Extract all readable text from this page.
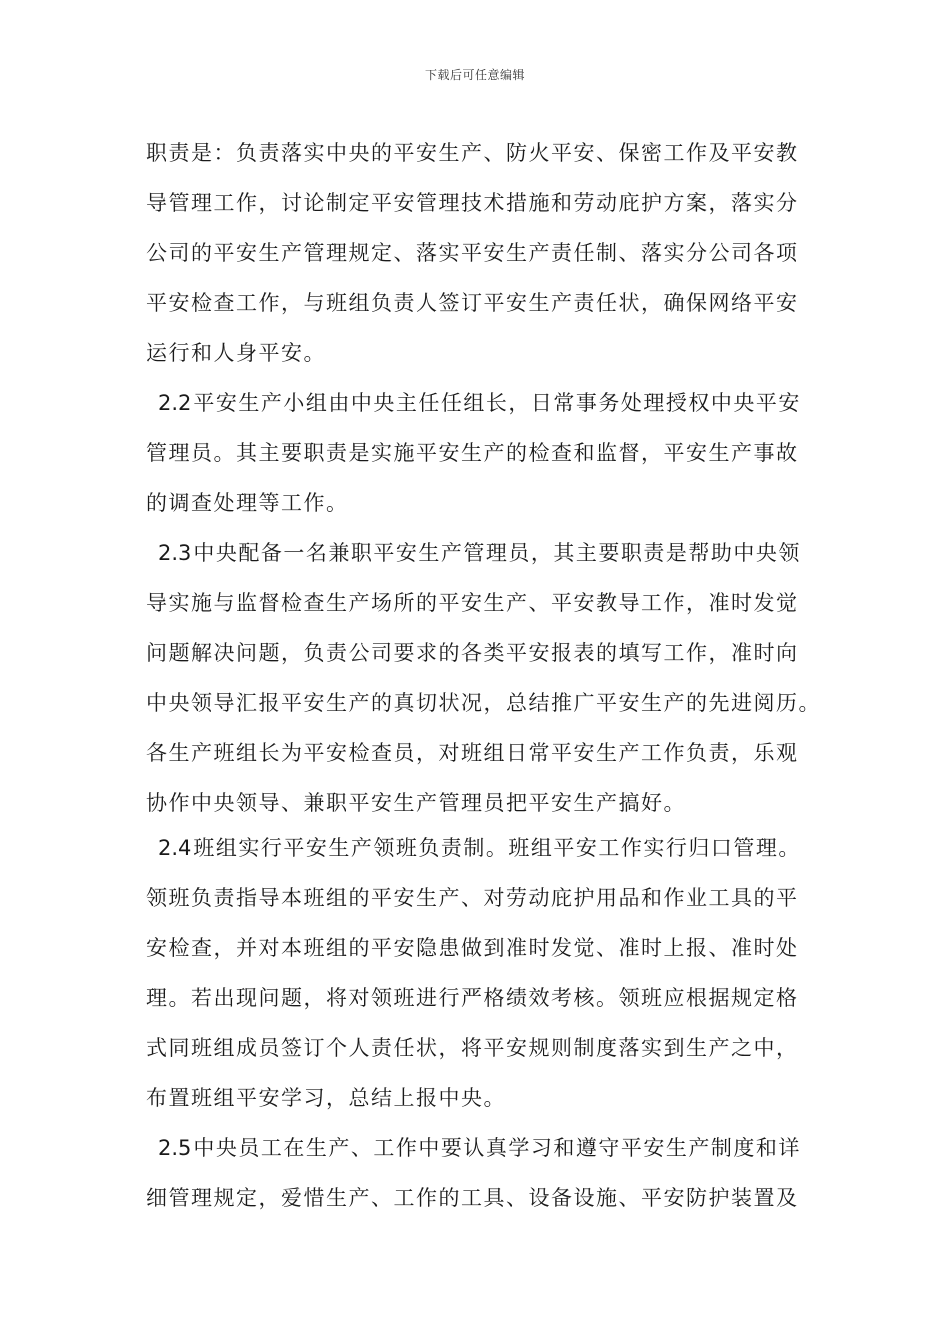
下载后可任意编辑
职责是：负责落实中央的平安生产、防火平安、保密工作及平安教
导管理工作，讨论制定平安管理技术措施和劳动庇护方案，落实分
公司的平安生产管理规定、落实平安生产责任制、落实分公司各项
平安检查工作，与班组负责人签订平安生产责任状，确保网络平安
运行和人身平安。
2.2平安生产小组由中央主任任组长，日常事务处理授权中央平安
管理员。其主要职责是实施平安生产的检查和监督，平安生产事故
的调查处理等工作。
2.3中央配备一名兼职平安生产管理员，其主要职责是帮助中央领
导实施与监督检查生产场所的平安生产、平安教导工作，准时发觉
问题解决问题，负责公司要求的各类平安报表的填写工作，准时向
中央领导汇报平安生产的真切状况，总结推广平安生产的先进阅历。
各生产班组长为平安检查员，对班组日常平安生产工作负责，乐观
协作中央领导、兼职平安生产管理员把平安生产搞好。
2.4班组实行平安生产领班负责制。班组平安工作实行归口管理。
领班负责指导本班组的平安生产、对劳动庇护用品和作业工具的平
安检查，并对本班组的平安隐患做到准时发觉、准时上报、准时处
理。若出现问题，将对领班进行严格绩效考核。领班应根据规定格
式同班组成员签订个人责任状，将平安规则制度落实到生产之中，
布置班组平安学习，总结上报中央。
2.5中央员工在生产、工作中要认真学习和遵守平安生产制度和详
细管理规定，爱惜生产、工作的工具、设备设施、平安防护装置及
